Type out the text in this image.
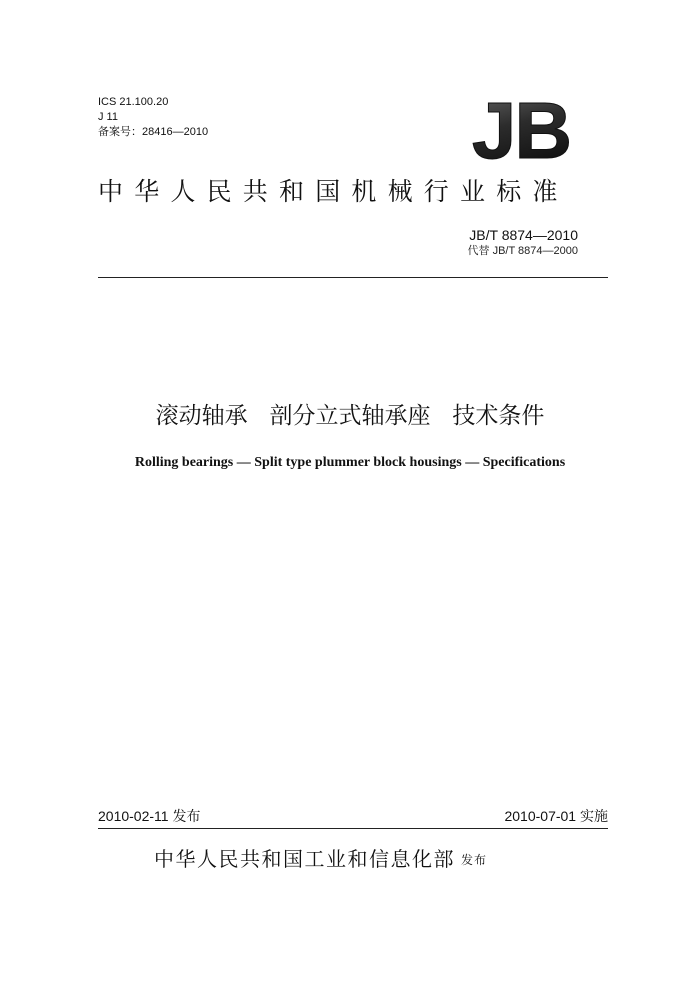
ICS 21.100.20
J 11
备案号：28416—2010	JB
中华人民共和国机械行业标准
JB/T 8874—2010
代替 JB/T 8874—2000
滚动轴承   剖分立式轴承座   技术条件
Rolling bearings — Split type plummer block housings — Specifications
2010-02-11 发布	2010-07-01 实施
中华人民共和国工业和信息化部 发布
